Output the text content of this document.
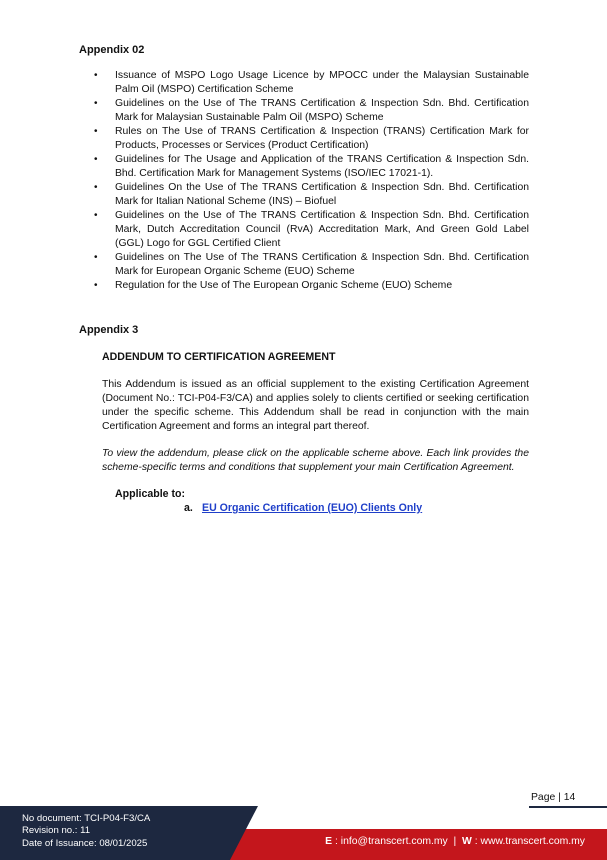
Appendix 02
• Issuance of MSPO Logo Usage Licence by MPOCC under the Malaysian Sustainable Palm Oil (MSPO) Certification Scheme
• Guidelines on the Use of The TRANS Certification & Inspection Sdn. Bhd. Certification Mark for Malaysian Sustainable Palm Oil (MSPO) Scheme
• Rules on The Use of TRANS Certification & Inspection (TRANS) Certification Mark for Products, Processes or Services (Product Certification)
• Guidelines for The Usage and Application of the TRANS Certification & Inspection Sdn. Bhd. Certification Mark for Management Systems (ISO/IEC 17021-1).
• Guidelines On the Use of The TRANS Certification & Inspection Sdn. Bhd. Certification Mark for Italian National Scheme (INS) – Biofuel
• Guidelines on the Use of The TRANS Certification & Inspection Sdn. Bhd. Certification Mark, Dutch Accreditation Council (RvA) Accreditation Mark, And Green Gold Label (GGL) Logo for GGL Certified Client
• Guidelines on The Use of The TRANS Certification & Inspection Sdn. Bhd. Certification Mark for European Organic Scheme (EUO) Scheme
• Regulation for the Use of The European Organic Scheme (EUO) Scheme
Appendix 3
ADDENDUM TO CERTIFICATION AGREEMENT
This Addendum is issued as an official supplement to the existing Certification Agreement (Document No.: TCI-P04-F3/CA) and applies solely to clients certified or seeking certification under the specific scheme. This Addendum shall be read in conjunction with the main Certification Agreement and forms an integral part thereof.
To view the addendum, please click on the applicable scheme above. Each link provides the scheme-specific terms and conditions that supplement your main Certification Agreement.
Applicable to:
a. EU Organic Certification (EUO) Clients Only
Page | 14
No document: TCI-P04-F3/CA
Revision no.: 11
Date of Issuance: 08/01/2025	E : info@transcert.com.my | W : www.transcert.com.my
